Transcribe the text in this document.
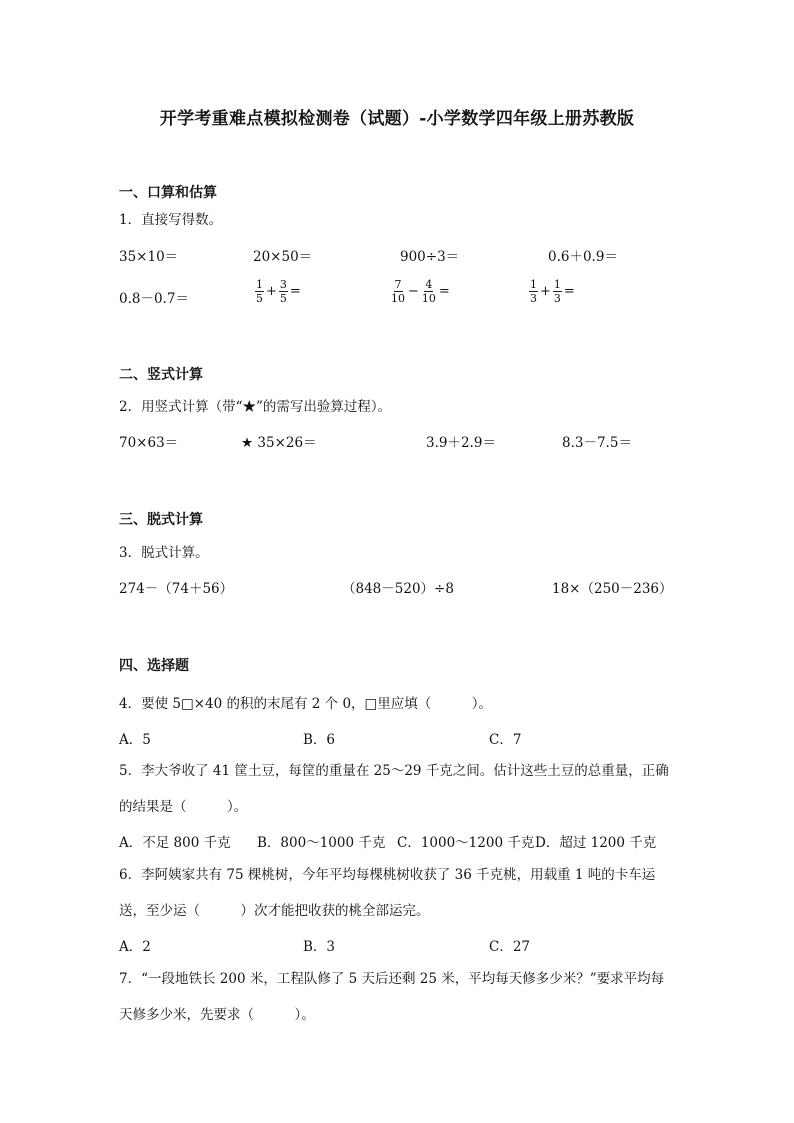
开学考重难点模拟检测卷（试题）-小学数学四年级上册苏教版
一、口算和估算
1．直接写得数。
35×10＝	20×50＝	900÷3＝	0.6＋0.9＝
0.8－0.7＝	$\frac{1}{5} + \frac{3}{5}$ =	$\frac{7}{10} - \frac{4}{10}$ =	$\frac{1}{3} + \frac{1}{3}$ =
二、竖式计算
2．用竖式计算（带“★”的需写出验算过程）。
70×63＝	★ 35×26＝	3.9＋2.9＝	8.3－7.5＝
三、脱式计算
3．脱式计算。
274－（74＋56）	（848－520）÷8	18×（250－236）
四、选择题
4．要使 5□×40 的积的末尾有 2 个 0，□里应填（　　　）。
A．5	B．6	C．7
5．李大爷收了 41 筐土豆，每筐的重量在 25～29 千克之间。估计这些土豆的总重量，正确
的结果是（　　　）。
A．不足 800 千克 B．800～1000 千克 C．1000～1200 千克 D．超过 1200 千克
6．李阿姨家共有 75 棵桃树，今年平均每棵桃树收获了 36 千克桃，用载重 1 吨的卡车运
送，至少运（　　　）次才能把收获的桃全部运完。
A．2	B．3	C．27
7．“一段地铁长 200 米，工程队修了 5 天后还剩 25 米，平均每天修多少米？”要求平均每
天修多少米，先要求（　　　）。
